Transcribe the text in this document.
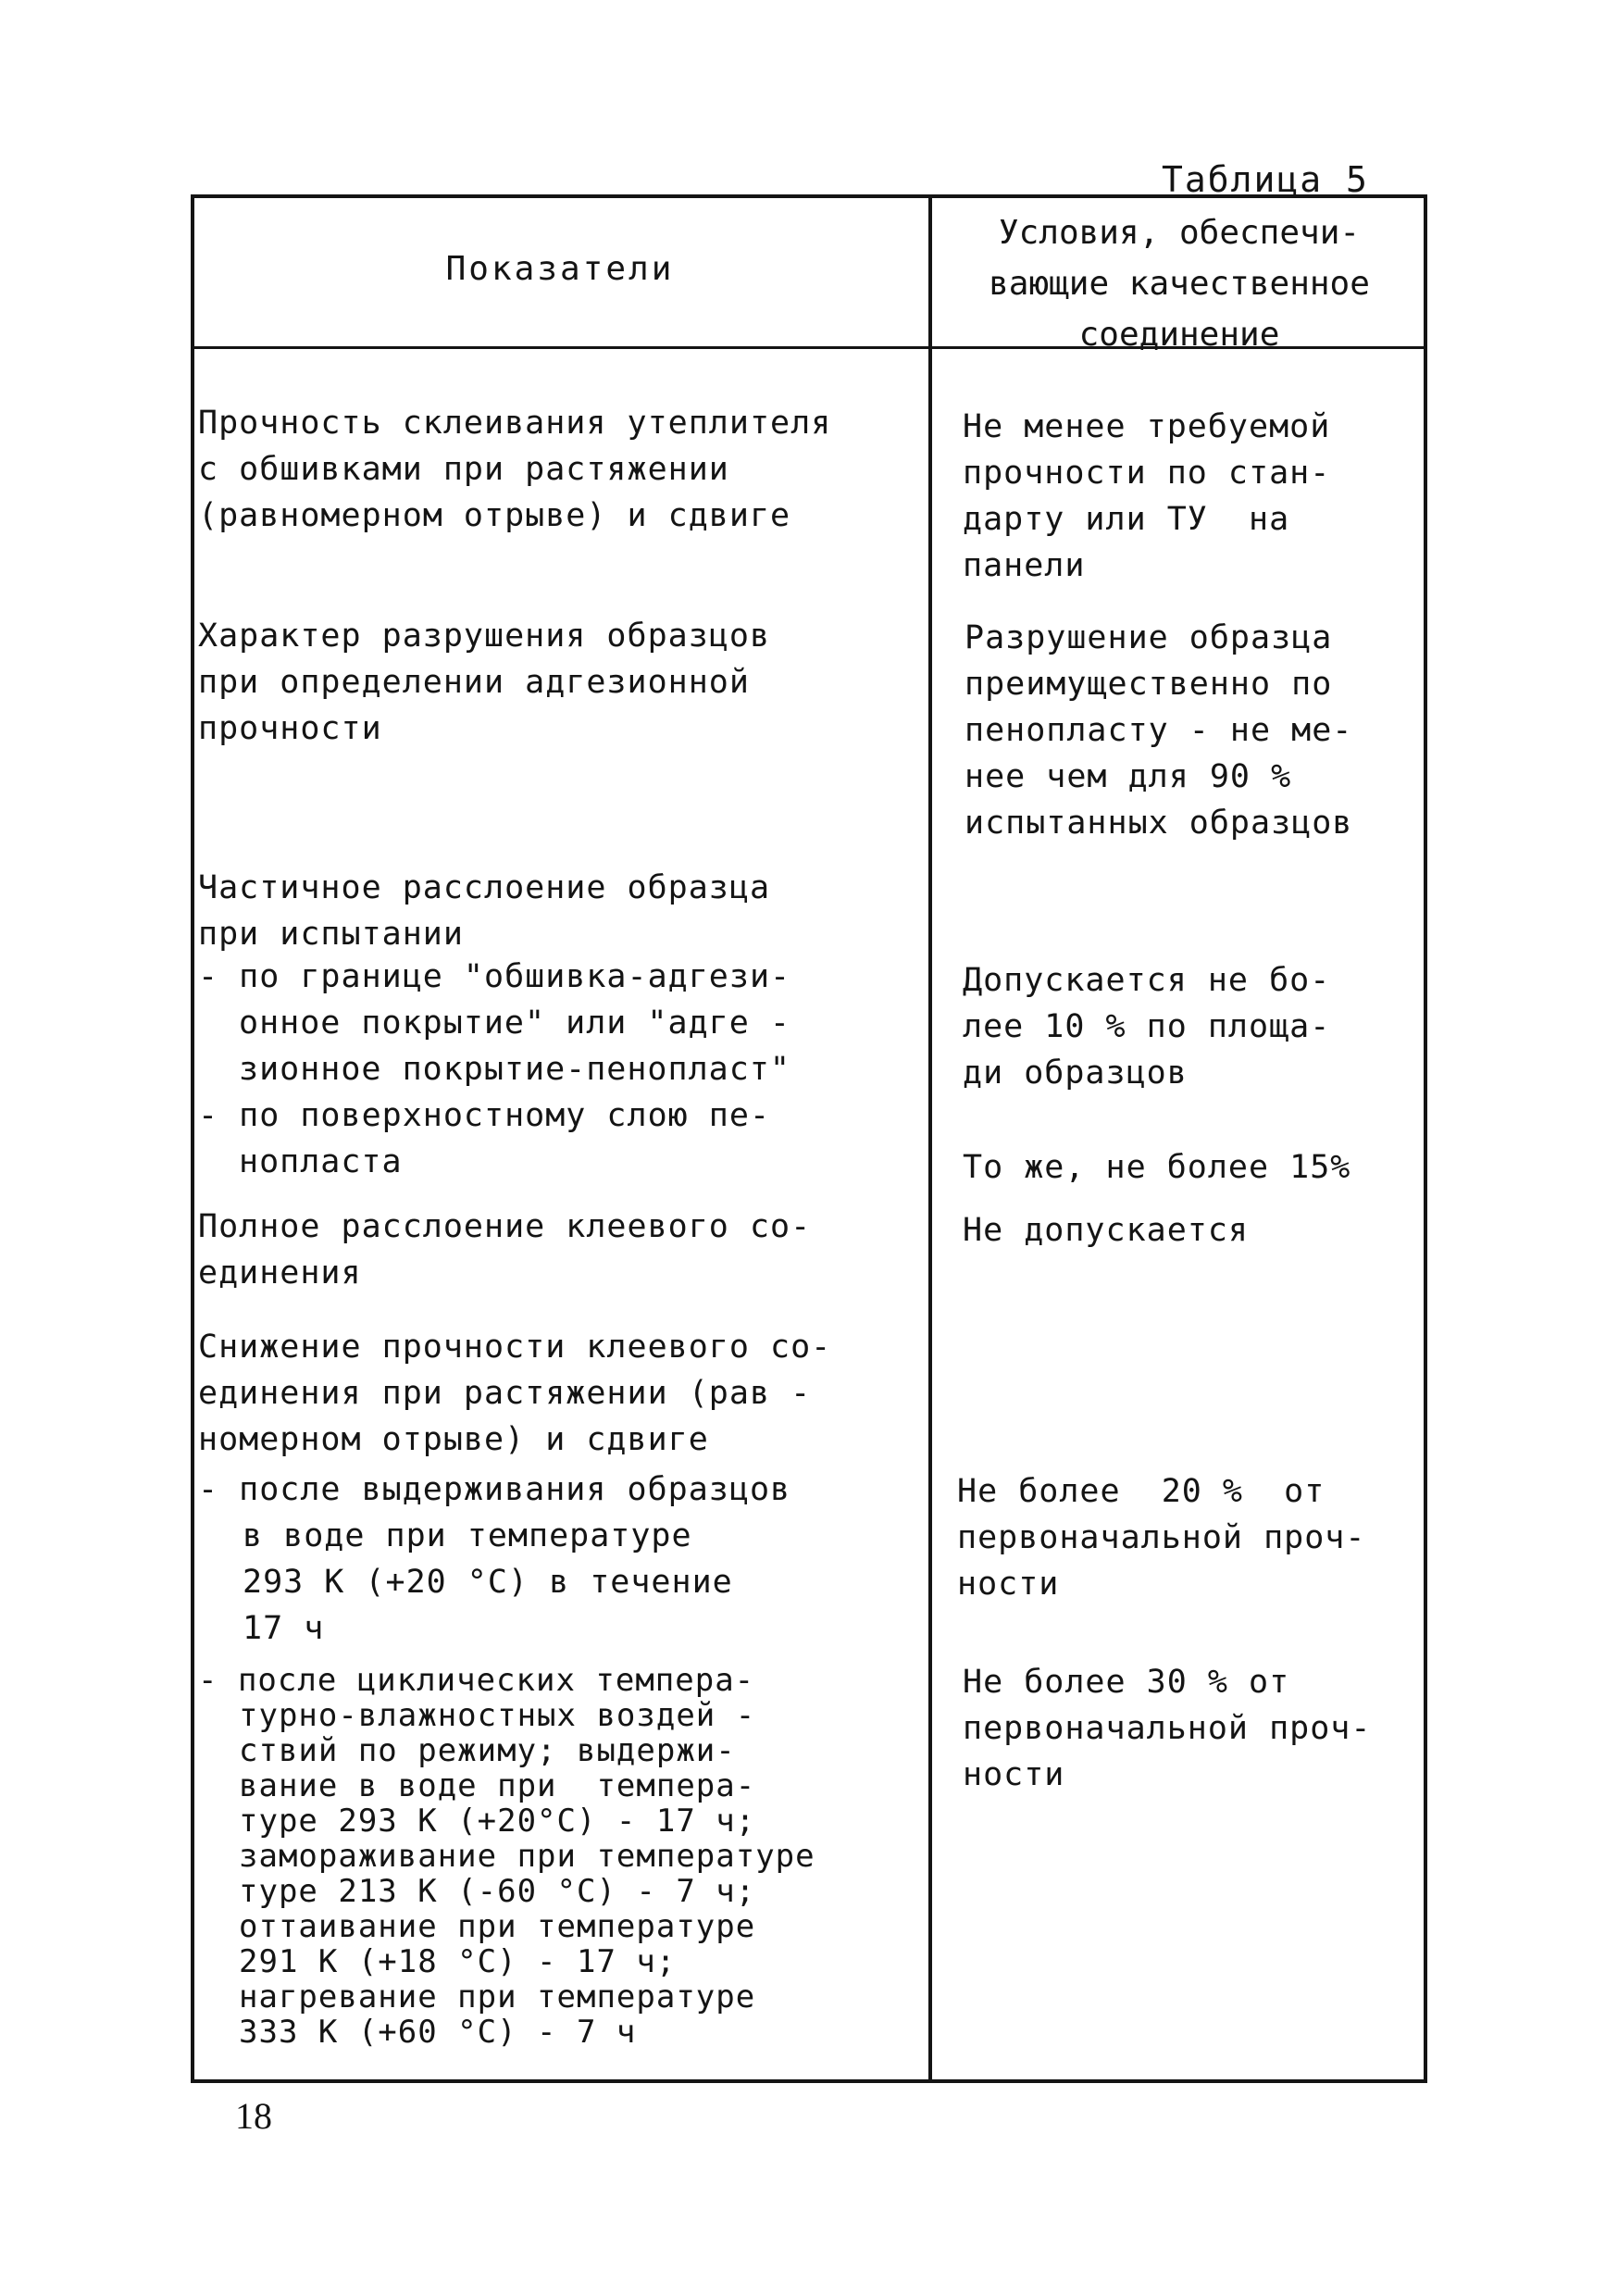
Таблица 5
Показатели
Условия, обеспечи-
вающие качественное
соединение
Прочность склеивания утеплителя
с обшивками при растяжении
(равномерном отрыве) и сдвиге
Не менее требуемой
прочности по стан-
дарту или ТУ  на
панели
Характер разрушения образцов
при определении адгезионной
прочности
Разрушение образца
преимущественно по
пенопласту - не ме-
нее чем для 90 %
испытанных образцов
Частичное расслоение образца
при испытании
- по границе "обшивка-адгези-
онное покрытие" или "адге -
зионное покрытие-пенопласт"
Допускается не бо-
лее 10 % по площа-
ди образцов
- по поверхностному слою пе-
нопласта	То же, не более 15%
Полное расслоение клеевого со-
единения
Не допускается
Снижение прочности клеевого со-
единения при растяжении (рав -
номерном отрыве) и сдвиге
- после выдерживания образцов
в воде при температуре
293 К (+20 °С) в течение
17 ч
Не более  20 %  от
первоначальной проч-
ности
- после циклических темпера-
турно-влажностных воздей -
ствий по режиму; выдержи-
вание в воде при  темпера-
туре 293 К (+20°С) - 17 ч;
замораживание при температуре
туре 213 К (-60 °С) - 7 ч;
оттаивание при температуре
291 К (+18 °С) - 17 ч;
нагревание при температуре
333 К (+60 °С) - 7 ч
Не более 30 % от
первоначальной проч-
ности
18
